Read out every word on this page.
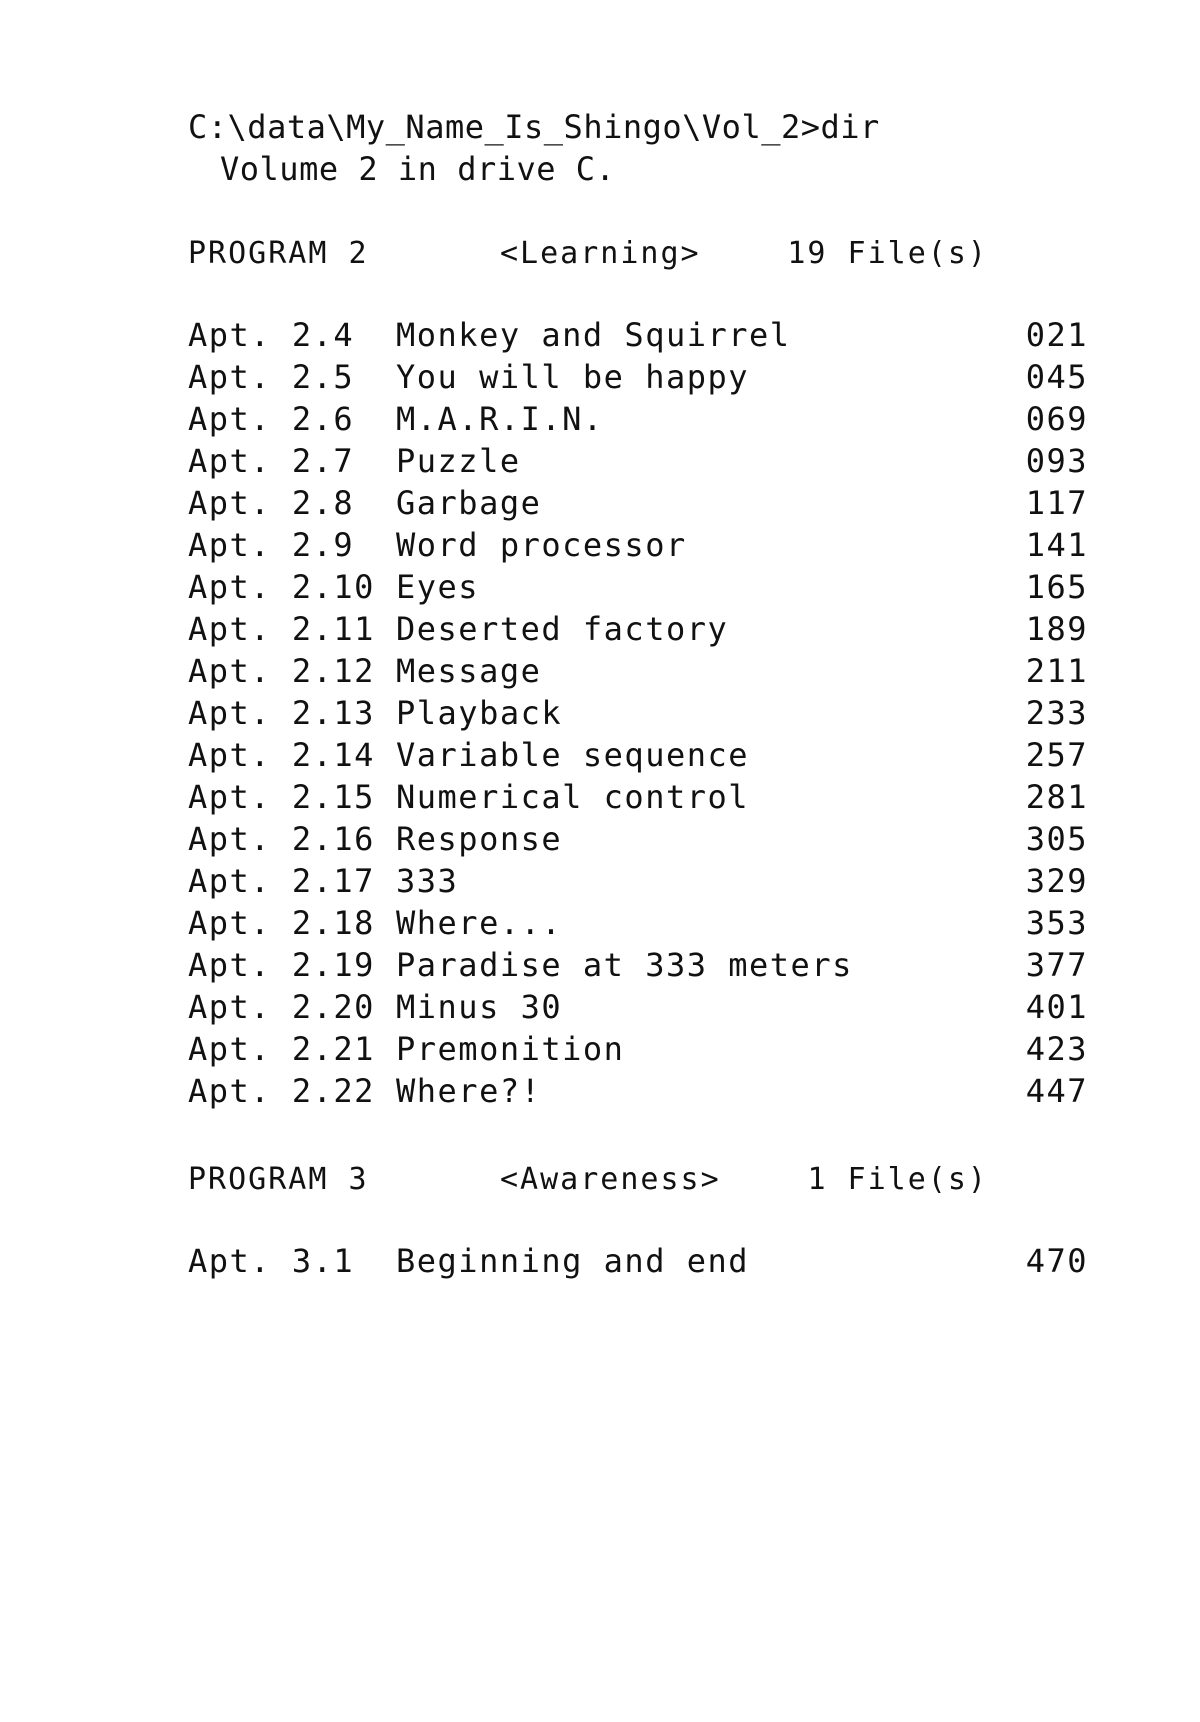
C:\data\My_Name_Is_Shingo\Vol_2>dir
Volume 2 in drive C.
PROGRAM 2	<Learning>	19 File(s)
Apt. 2.4 Monkey and Squirrel	021
Apt. 2.5 You will be happy	045
Apt. 2.6 M.A.R.I.N.	069
Apt. 2.7 Puzzle	093
Apt. 2.8 Garbage	117
Apt. 2.9 Word processor	141
Apt. 2.10 Eyes	165
Apt. 2.11 Deserted factory	189
Apt. 2.12 Message	211
Apt. 2.13 Playback	233
Apt. 2.14 Variable sequence	257
Apt. 2.15 Numerical control	281
Apt. 2.16 Response	305
Apt. 2.17 333	329
Apt. 2.18 Where...	353
Apt. 2.19 Paradise at 333 meters	377
Apt. 2.20 Minus 30	401
Apt. 2.21 Premonition	423
Apt. 2.22 Where?!	447
PROGRAM 3	<Awareness>	1 File(s)
Apt. 3.1 Beginning and end	470
